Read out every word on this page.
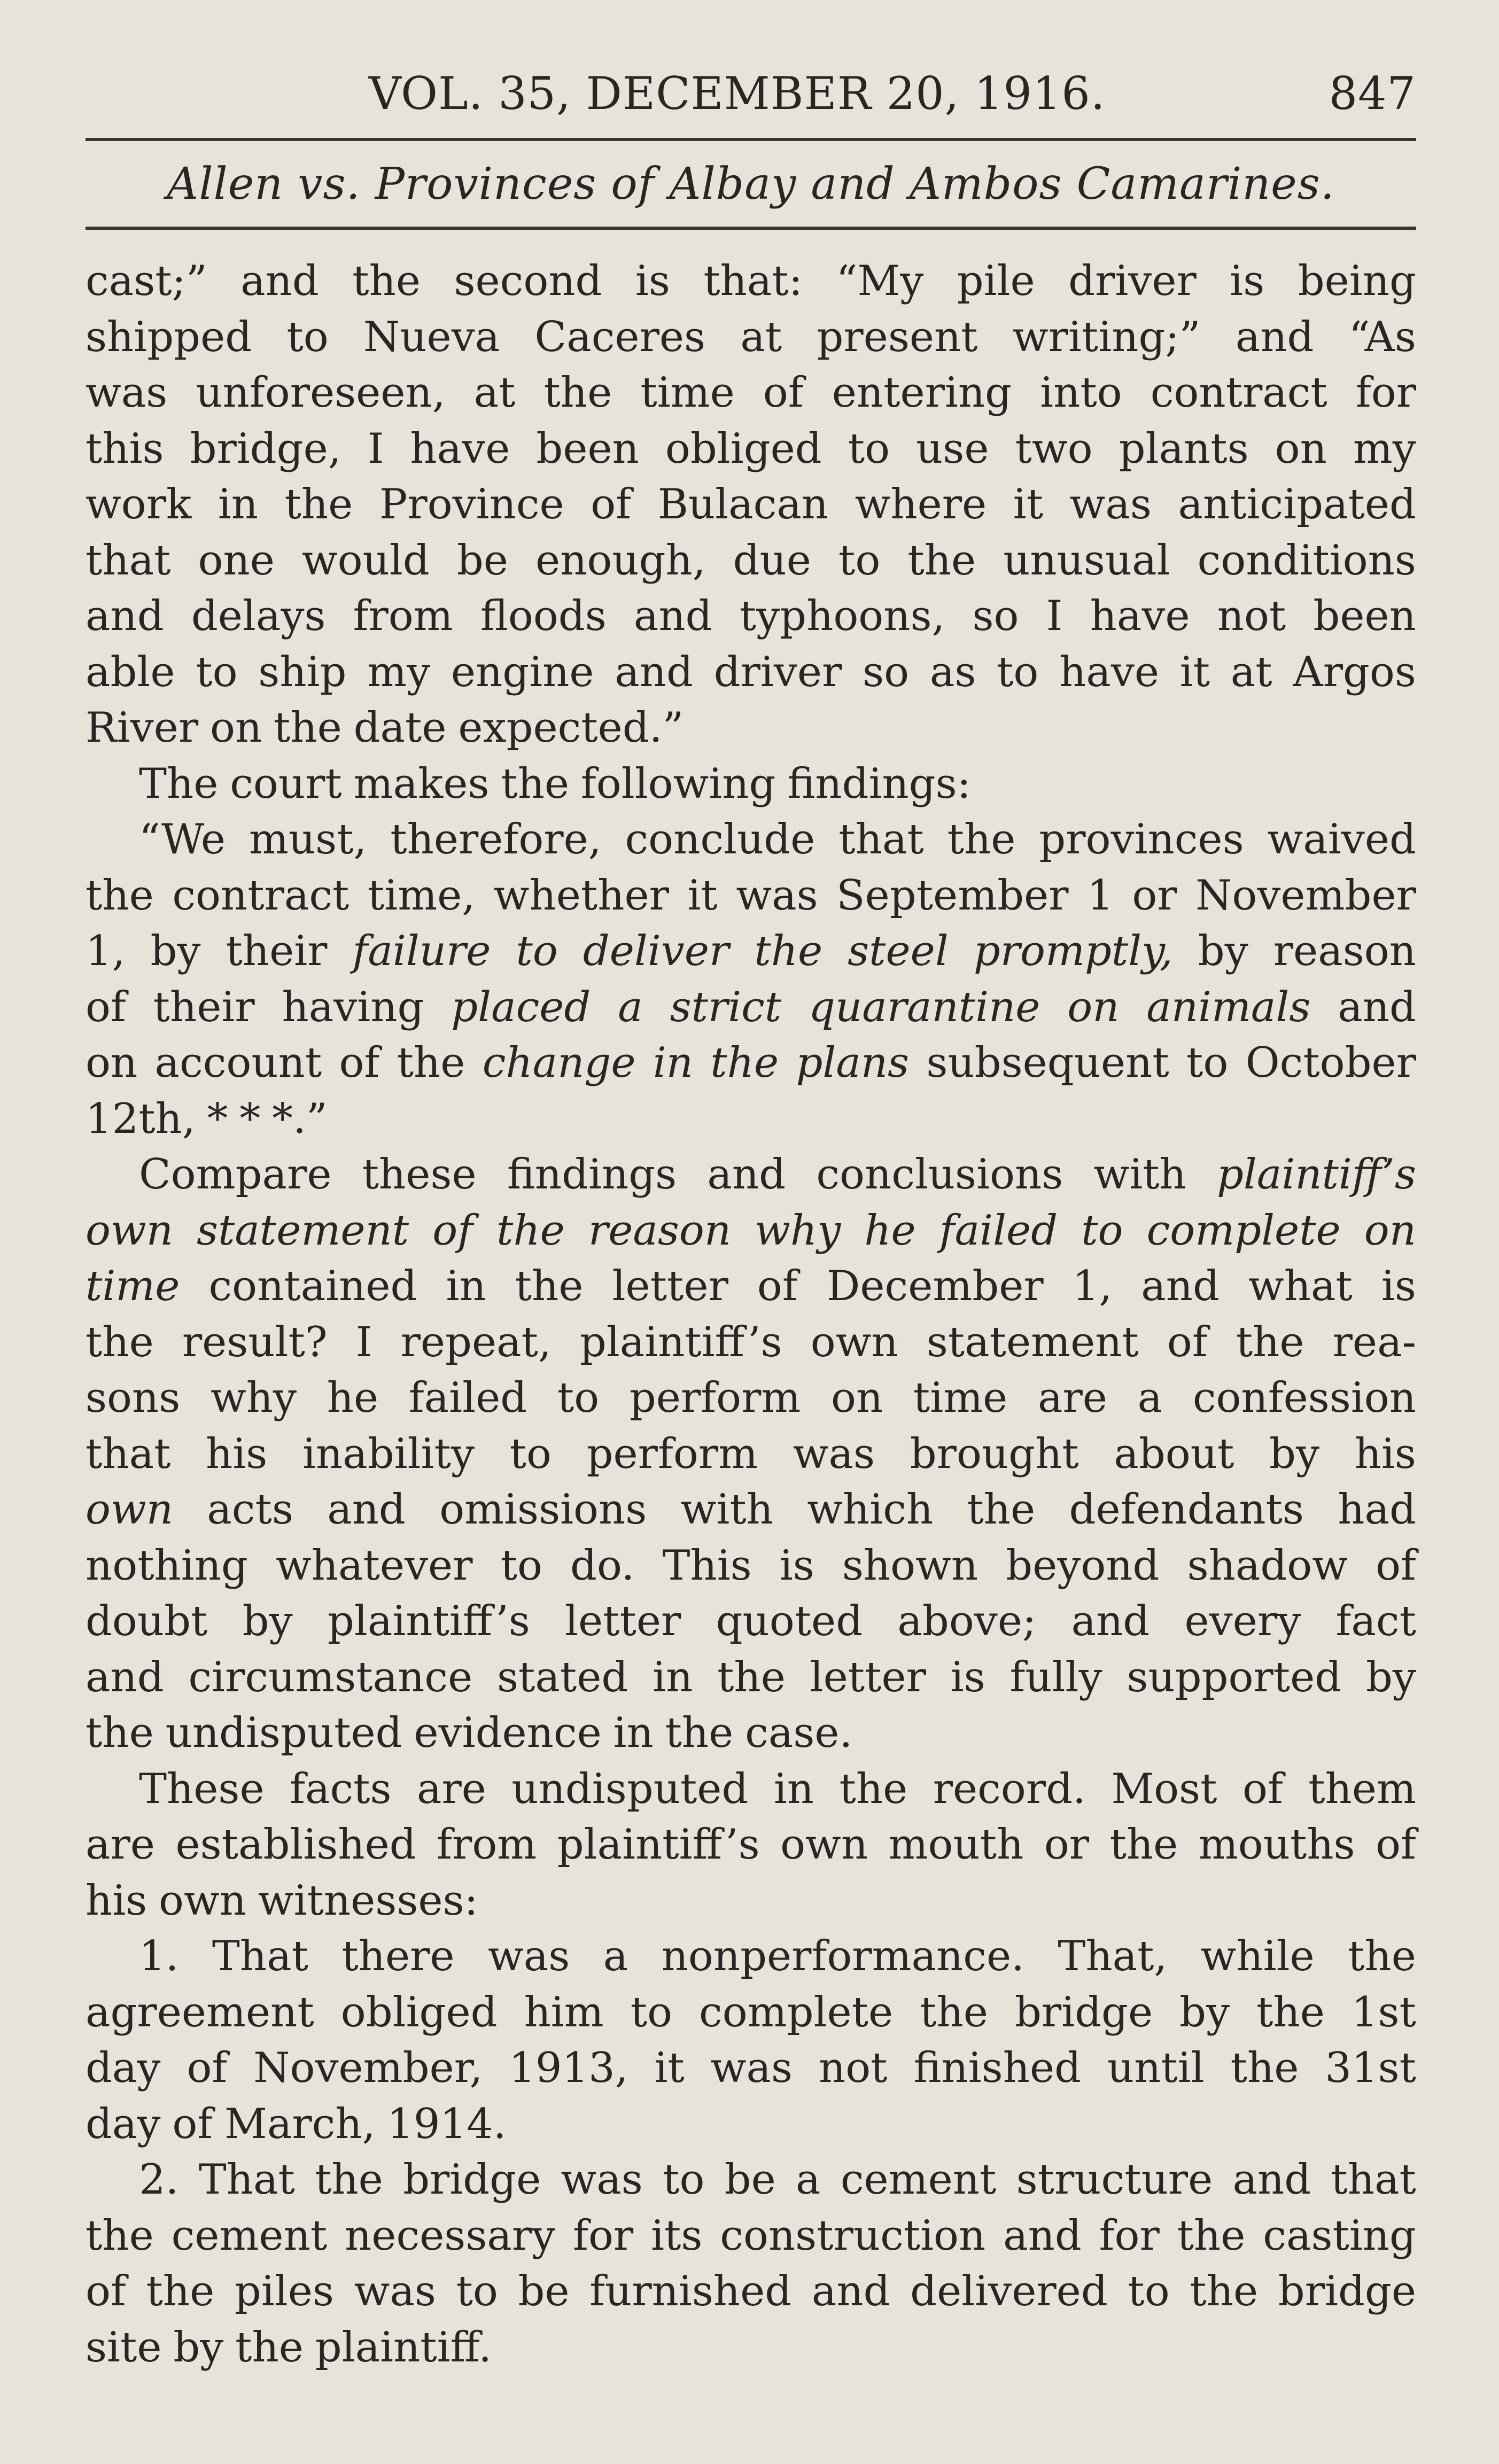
VOL. 35, DECEMBER 20, 1916.	847
Allen vs. Provinces of Albay and Ambos Camarines.
cast;” and the second is that: “My pile driver is being
shipped to Nueva Caceres at present writing;” and “As
was unforeseen, at the time of entering into contract for
this bridge, I have been obliged to use two plants on my
work in the Province of Bulacan where it was anticipated
that one would be enough, due to the unusual conditions
and delays from floods and typhoons, so I have not been
able to ship my engine and driver so as to have it at Argos
River on the date expected.”
The court makes the following findings:
“We must, therefore, conclude that the provinces waived
the contract time, whether it was September 1 or November
1, by their failure to deliver the steel promptly, by reason
of their having placed a strict quarantine on animals and
on account of the change in the plans subsequent to October
12th, * * *.”
Compare these findings and conclusions with plaintiff’s
own statement of the reason why he failed to complete on
time contained in the letter of December 1, and what is
the result? I repeat, plaintiff’s own statement of the rea-
sons why he failed to perform on time are a confession
that his inability to perform was brought about by his
own acts and omissions with which the defendants had
nothing whatever to do. This is shown beyond shadow of
doubt by plaintiff’s letter quoted above; and every fact
and circumstance stated in the letter is fully supported by
the undisputed evidence in the case.
These facts are undisputed in the record. Most of them
are established from plaintiff’s own mouth or the mouths of
his own witnesses:
1. That there was a nonperformance. That, while the
agreement obliged him to complete the bridge by the 1st
day of November, 1913, it was not finished until the 31st
day of March, 1914.
2. That the bridge was to be a cement structure and that
the cement necessary for its construction and for the casting
of the piles was to be furnished and delivered to the bridge
site by the plaintiff.
